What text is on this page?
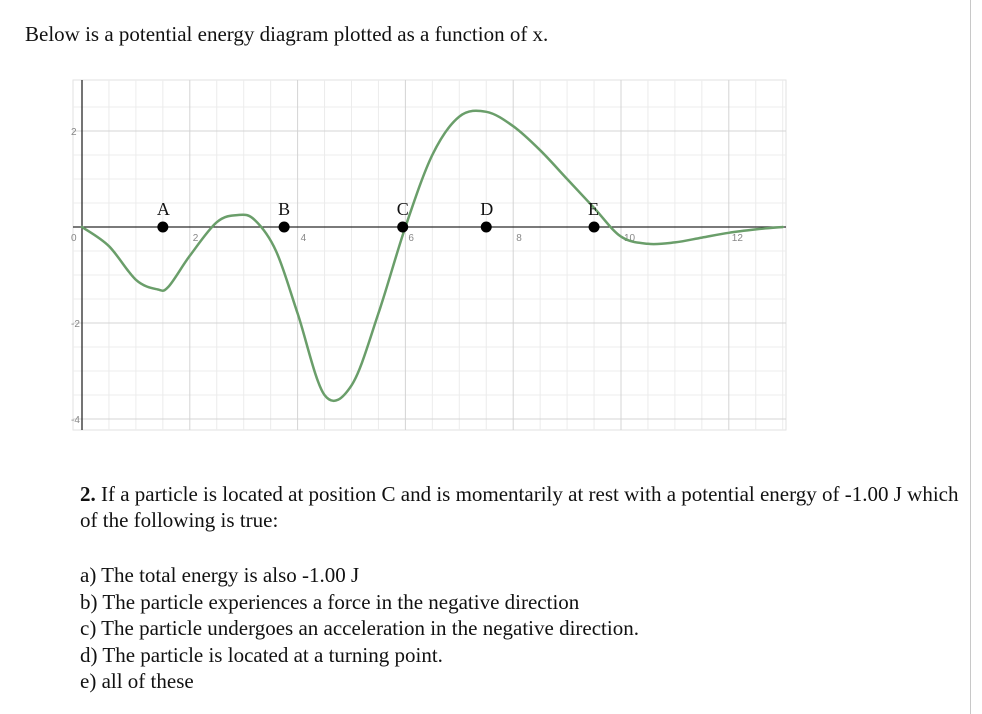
Below is a potential energy diagram plotted as a function of x.
0	2	4	6	8	10	12
2
-2
-4
A	B	C	D	E
2. If a particle is located at position C and is momentarily at rest with a potential energy of -1.00 J which of the following is true:
a) The total energy is also -1.00 J
b) The particle experiences a force in the negative direction
c) The particle undergoes an acceleration in the negative direction.
d) The particle is located at a turning point.
e) all of these
